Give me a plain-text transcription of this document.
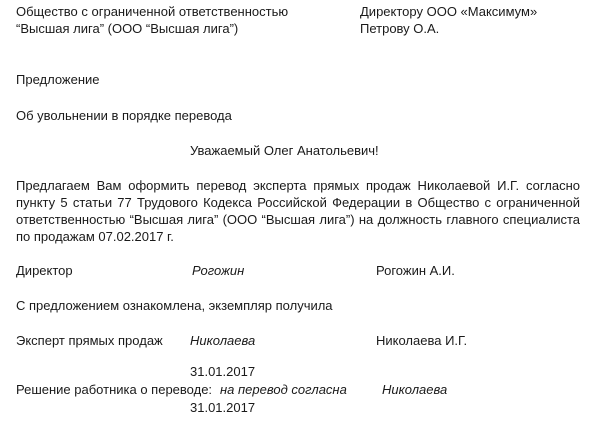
Общество с ограниченной ответственностью
“Высшая лига” (ООО “Высшая лига”)
Директору ООО «Максимум»
Петрову О.А.
Предложение
Об увольнении в порядке перевода
Уважаемый Олег Анатольевич!
Предлагаем Вам оформить перевод эксперта прямых продаж Николаевой И.Г. согласно пункту 5 статьи 77 Трудового Кодекса Российской Федерации в Общество с ограниченной ответственностью “Высшая лига” (ООО “Высшая лига”) на должность главного специалиста по продажам 07.02.2017 г.
Директор	Рогожин	Рогожин А.И.
С предложением ознакомлена, экземпляр получила
Эксперт прямых продаж Николаева	Николаева И.Г.
31.01.2017
Решение работника о переводе: на перевод согласна	Николаева
31.01.2017
